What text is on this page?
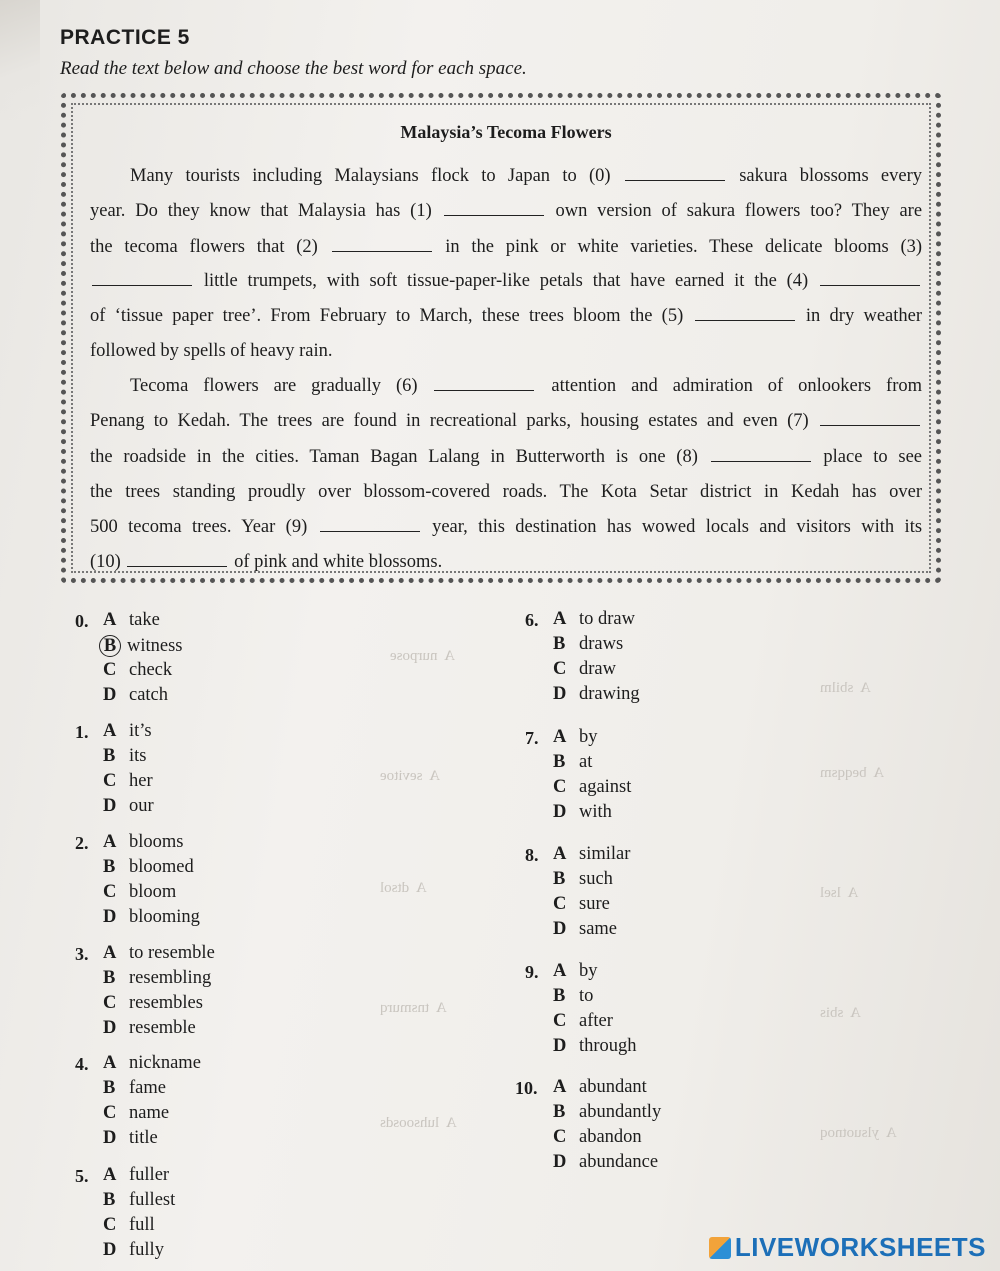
PRACTICE 5
Read the text below and choose the best word for each space.
Malaysia’s Tecoma Flowers
Many tourists including Malaysians flock to Japan to (0)	sakura blossoms every
year. Do they know that Malaysia has (1)	own version of sakura flowers too? They are
the tecoma flowers that (2)	in the pink or white varieties. These delicate blooms (3)
little trumpets, with soft tissue-paper-like petals that have earned it the (4)
of ‘tissue paper tree’. From February to March, these trees bloom the (5)	in dry weather
followed by spells of heavy rain.
Tecoma flowers are gradually (6)	attention and admiration of onlookers from
Penang to Kedah. The trees are found in recreational parks, housing estates and even (7)
the roadside in the cities. Taman Bagan Lalang in Butterworth is one (8)	place to see
the trees standing proudly over blossom-covered roads. The Kota Setar district in Kedah has over
500 tecoma trees. Year (9)	year, this destination has wowed locals and visitors with its
(10)	of pink and white blossoms.
A  nurpose
A  sbilm
A  sevitoe	A  beqqsm
A  dtsol	A  lsel
A  tnsmurq	A  sbis
A  luhsoosds
A  ylsuotnoq
0. A take
B witness
C check
D catch
1. A it’s
B its
C her
D our
2. A blooms
B bloomed
C bloom
D blooming
3. A to resemble
B resembling
C resembles
D resemble
4. A nickname
B fame
C name
D title
5. A fuller
B fullest
C full
D fully
6. A to draw
B draws
C draw
D drawing
7. A by
B at
C against
D with
8. A similar
B such
C sure
D same
9. A by
B to
C after
D through
10. A abundant
B abundantly
C abandon
D abundance
LIVEWORKSHEETS
